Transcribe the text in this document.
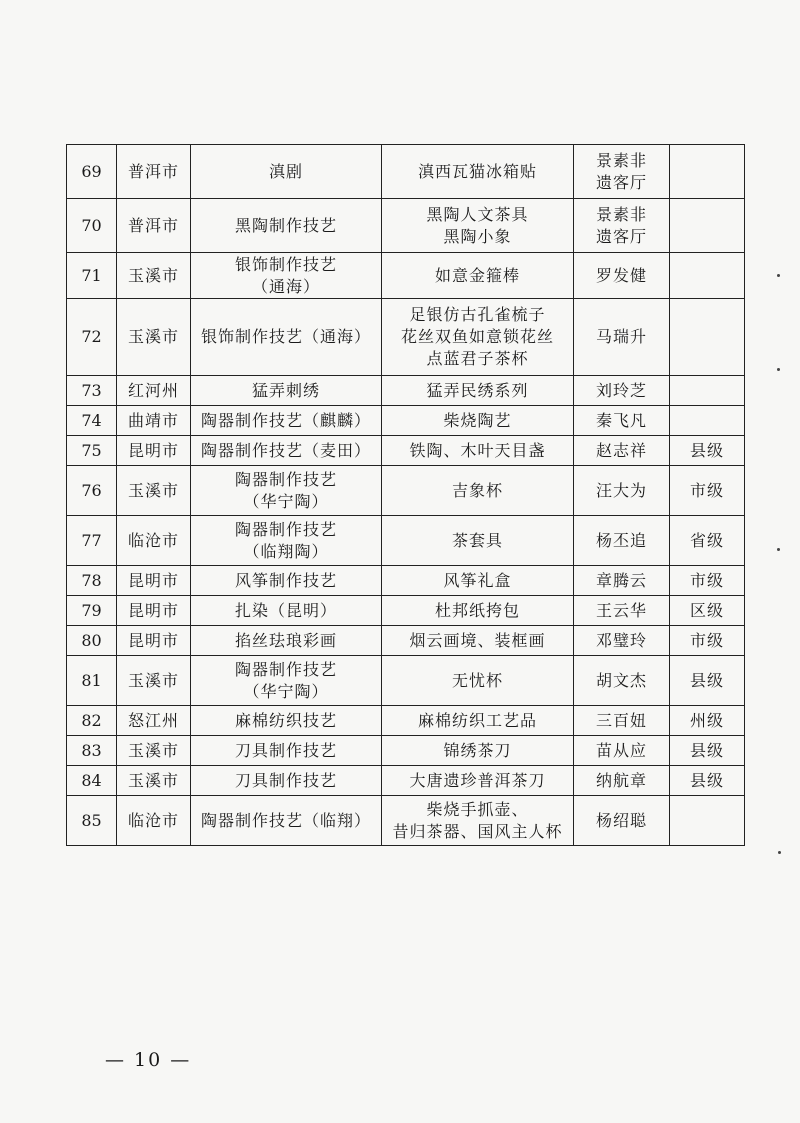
69	普洱市	滇剧	滇西瓦猫冰箱贴	景素非
遗客厅	

70	普洱市	黑陶制作技艺	黑陶人文茶具
黑陶小象	景素非
遗客厅	

71	玉溪市	银饰制作技艺
（通海）	如意金箍棒	罗发健	

72	玉溪市	银饰制作技艺（通海）	足银仿古孔雀梳子
花丝双鱼如意锁花丝
点蓝君子茶杯	马瑞升	

73	红河州	猛弄刺绣	猛弄民绣系列	刘玲芝	

74	曲靖市	陶器制作技艺（麒麟）	柴烧陶艺	秦飞凡	

75	昆明市	陶器制作技艺（麦田）	铁陶、木叶天目盏	赵志祥	县级
76	玉溪市	陶器制作技艺
（华宁陶）	吉象杯	汪大为	市级
77	临沧市	陶器制作技艺
（临翔陶）	茶套具	杨丕追	省级
78	昆明市	风筝制作技艺	风筝礼盒	章腾云	市级
79	昆明市	扎染（昆明）	杜邦纸挎包	王云华	区级
80	昆明市	掐丝珐琅彩画	烟云画境、装框画	邓璧玲	市级
81	玉溪市	陶器制作技艺
（华宁陶）	无忧杯	胡文杰	县级
82	怒江州	麻棉纺织技艺	麻棉纺织工艺品	三百妞	州级
83	玉溪市	刀具制作技艺	锦绣茶刀	苗从应	县级
84	玉溪市	刀具制作技艺	大唐遗珍普洱茶刀	纳航章	县级
85	临沧市	陶器制作技艺（临翔）	柴烧手抓壶、
昔归茶器、国风主人杯	杨绍聪	

— 10 —
